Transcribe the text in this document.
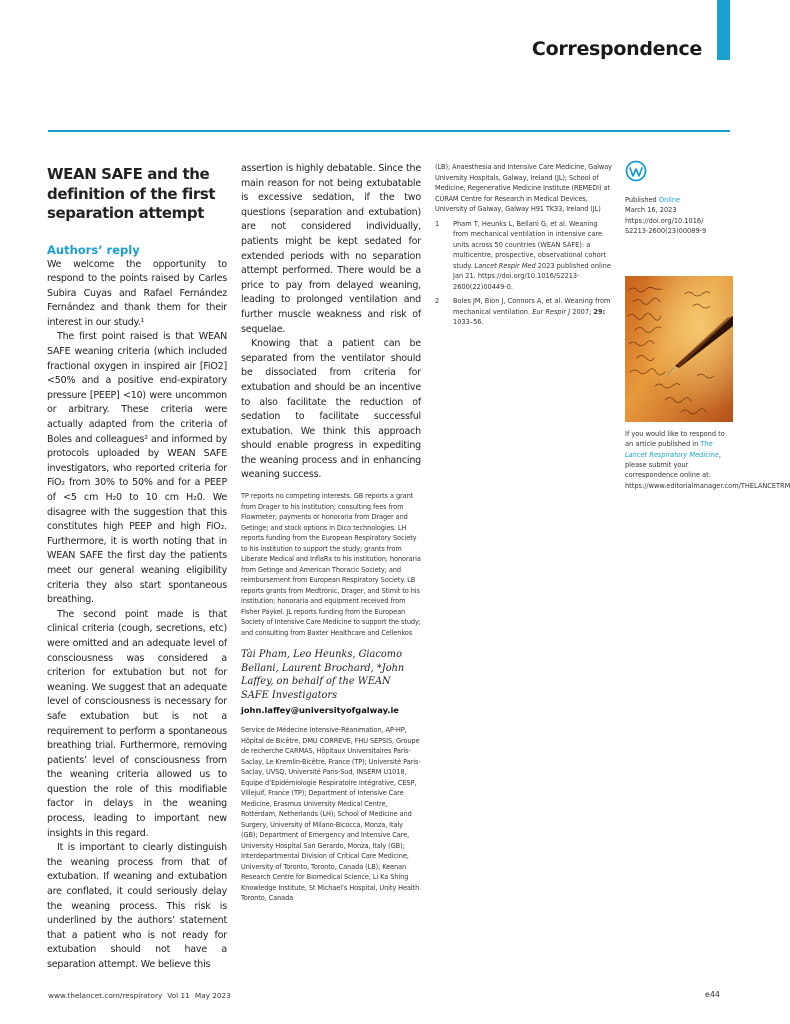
Correspondence
WEAN SAFE and the definition of the first separation attempt
Authors’ reply

We welcome the opportunity to respond to the points raised by Carles Subira Cuyas and Rafael Fernández Fernández and thank them for their interest in our study.¹

The first point raised is that WEAN SAFE weaning criteria (which included fractional oxygen in inspired air [FiO2] <50% and a positive end-expiratory pressure [PEEP] <10) were uncommon or arbitrary. These criteria were actually adapted from the criteria of Boles and colleagues² and informed by protocols uploaded by WEAN SAFE investigators, who reported criteria for FiO₂ from 30% to 50% and for a PEEP of <5 cm H₂0 to 10 cm H₂0. We disagree with the suggestion that this constitutes high PEEP and high FiO₂. Furthermore, it is worth noting that in WEAN SAFE the first day the patients meet our general weaning eligibility criteria they also start spontaneous breathing.

The second point made is that clinical criteria (cough, secretions, etc) were omitted and an adequate level of consciousness was considered a criterion for extubation but not for weaning. We suggest that an adequate level of consciousness is necessary for safe extubation but is not a requirement to perform a spontaneous breathing trial. Furthermore, removing patients’ level of consciousness from the weaning criteria allowed us to question the role of this modifiable factor in delays in the weaning process, leading to important new insights in this regard.

It is important to clearly distinguish the weaning process from that of extubation. If weaning and extubation are conflated, it could seriously delay the weaning process. This risk is underlined by the authors’ statement that a patient who is not ready for extubation should not have a separation attempt. We believe this

assertion is highly debatable. Since the main reason for not being extubatable is excessive sedation, if the two questions (separation and extubation) are not considered individually, patients might be kept sedated for extended periods with no separation attempt performed. There would be a price to pay from delayed weaning, leading to prolonged ventilation and further muscle weakness and risk of sequelae.

Knowing that a patient can be separated from the ventilator should be dissociated from criteria for extubation and should be an incentive to also facilitate the reduction of sedation to facilitate successful extubation. We think this approach should enable progress in expediting the weaning process and in enhancing weaning success.

TP reports no competing interests. GB reports a grant from Drager to his institution; consulting fees from Flowmeter; payments or honoraria from Drager and Getinge; and stock options in Dico technologies. LH reports funding from the European Respiratory Society to his institution to support the study; grants from Liberate Medical and InflaRx to his institution; honoraria from Getinge and American Thoracic Society; and reimbursement from European Respiratory Society. LB reports grants from Medtronic, Drager, and Stimit to his institution; honoraria and equipment received from Fisher Paykel. JL reports funding from the European Society of Intensive Care Medicine to support the study; and consulting from Baxter Healthcare and Cellenkos
Tài Pham, Leo Heunks, Giacomo Bellani, Laurent Brochard, *John Laffey, on behalf of the WEAN SAFE Investigators
john.laffey@universityofgalway.ie
Service de Médecine Intensive-Réanimation, AP-HP, Hôpital de Bicêtre, DMU CORREVE, FHU SEPSIS, Groupe de recherche CARMAS, Hôpitaux Universitaires Paris-Saclay, Le Kremlin-Bicêtre, France (TP); Université Paris-Saclay, UVSQ, Université Paris-Sud, INSERM U1018, Equipe d’Epidémiologie Respiratoire Intégrative, CESP, Villejuif, France (TP); Department of Intensive Care Medicine, Erasmus University Medical Centre, Rotterdam, Netherlands (LH); School of Medicine and Surgery, University of Milano-Bicocca, Monza, Italy (GB); Department of Emergency and Intensive Care, University Hospital San Gerardo, Monza, Italy (GB); Interdepartmental Division of Critical Care Medicine, University of Toronto, Toronto, Canada (LB); Keenan Research Centre for Biomedical Science, Li Ka Shing Knowledge Institute, St Michael’s Hospital, Unity Health Toronto, Canada
(LB); Anaesthesia and Intensive Care Medicine, Galway University Hospitals, Galway, Ireland (JL); School of Medicine, Regenerative Medicine Institute (REMEDI) at CÚRAM Centre for Research in Medical Devices, University of Galway, Galway H91 TK33, Ireland (JL)
1	Pham T, Heunks L, Bellani G, et al. Weaning from mechanical ventilation in intensive care units across 50 countries (WEAN SAFE): a multicentre, prospective, observational cohort study. Lancet Respir Med 2023 published online Jan 21. https://doi.org/10.1016/S2213-2600(22)00449-0.
2	Boles JM, Bion J, Connors A, et al. Weaning from mechanical ventilation. Eur Respir J 2007; 29: 1033–56.
Published Online
March 16, 2023
https://doi.org/10.1016/
S2213-2600(23)00089-9
If you would like to respond to an article published in The Lancet Respiratory Medicine, please submit your correspondence online at: https://www.editorialmanager.com/THELANCETRM
www.thelancet.com/respiratory Vol 11 May 2023	e44
